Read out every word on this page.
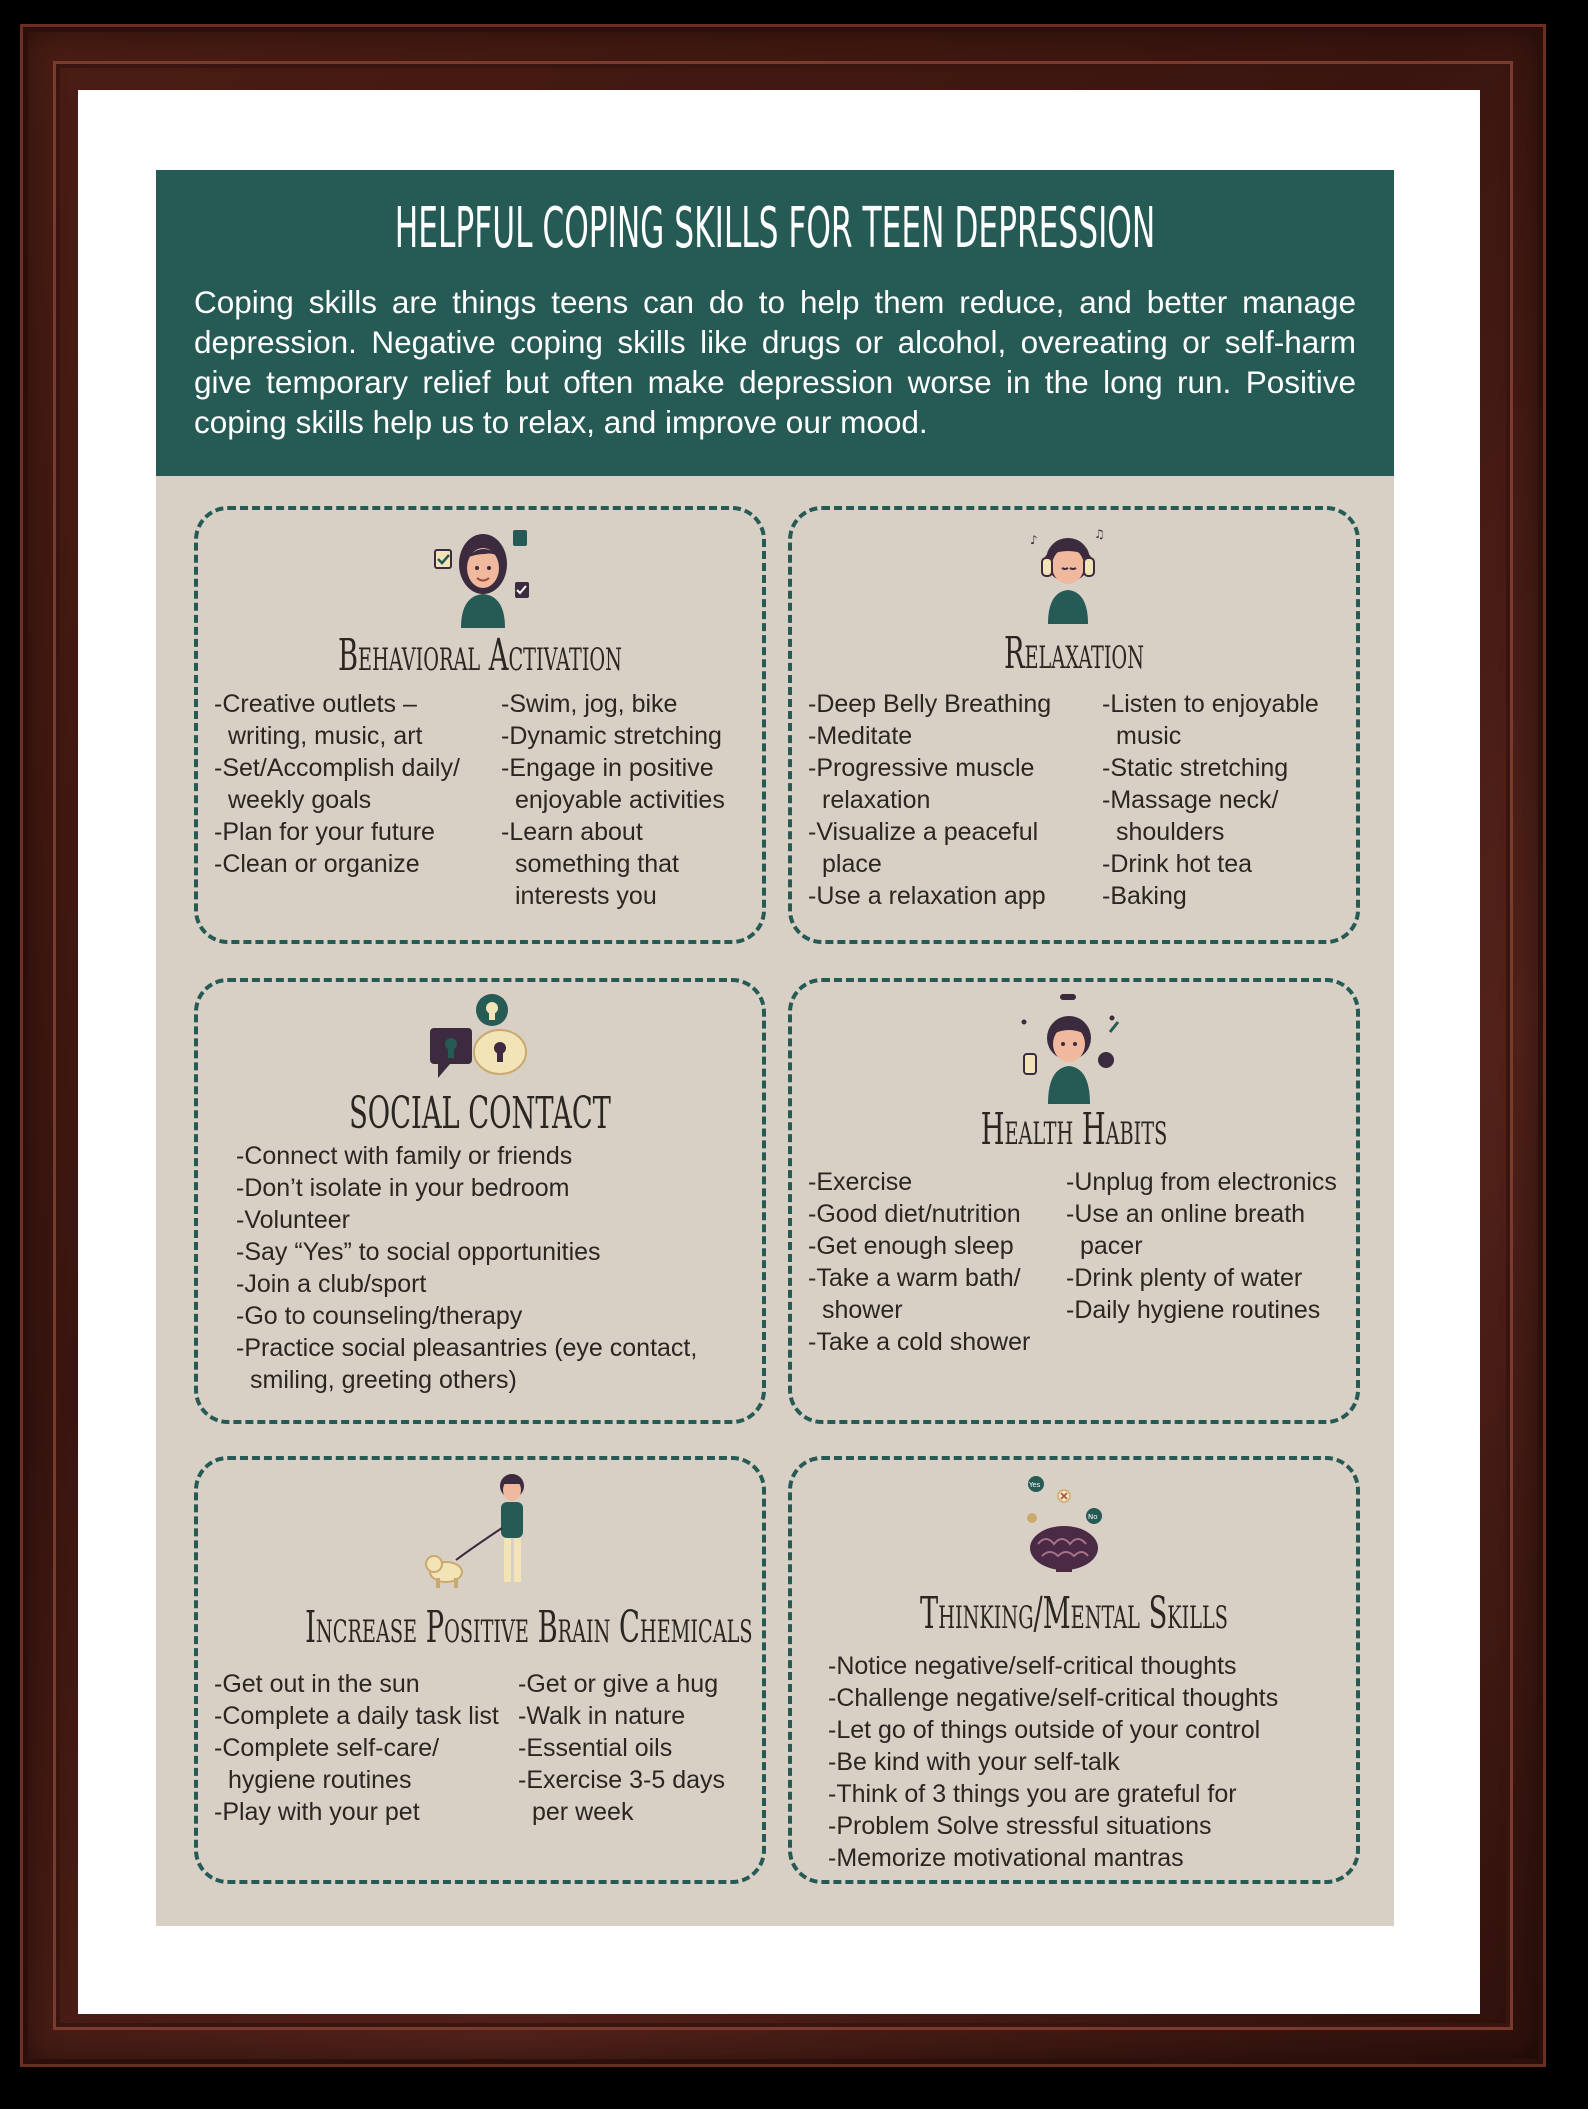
HELPFUL COPING SKILLS FOR TEEN DEPRESSION
Coping skills are things teens can do to help them reduce, and better manage depression. Negative coping skills like drugs or alcohol, overeating or self-harm give temporary relief but often make depression worse in the long run. Positive coping skills help us to relax, and improve our mood.
Behavioral Activation
-Creative outlets – writing, music, art
-Set/Accomplish daily/ weekly goals
-Plan for your future
-Clean or organize
-Swim, jog, bike
-Dynamic stretching
-Engage in positive enjoyable activities
-Learn about something that interests you
♪	♫
Relaxation
-Deep Belly Breathing
-Meditate
-Progressive muscle relaxation
-Visualize a peaceful place
-Use a relaxation app
-Listen to enjoyable music
-Static stretching
-Massage neck/ shoulders
-Drink hot tea
-Baking
SOCIAL CONTACT
-Connect with family or friends
-Don’t isolate in your bedroom
-Volunteer
-Say “Yes” to social opportunities
-Join a club/sport
-Go to counseling/therapy
-Practice social pleasantries (eye contact, smiling, greeting others)
Health Habits
-Exercise
-Good diet/nutrition
-Get enough sleep
-Take a warm bath/ shower
-Take a cold shower
-Unplug from electronics
-Use an online breath pacer
-Drink plenty of water
-Daily hygiene routines
Increase Positive Brain Chemicals
-Get out in the sun
-Complete a daily task list
-Complete self-care/ hygiene routines
-Play with your pet
-Get or give a hug
-Walk in nature
-Essential oils
-Exercise 3-5 days per week
Yes
No
Thinking/Mental Skills
-Notice negative/self-critical thoughts
-Challenge negative/self-critical thoughts
-Let go of things outside of your control
-Be kind with your self-talk
-Think of 3 things you are grateful for
-Problem Solve stressful situations
-Memorize motivational mantras
